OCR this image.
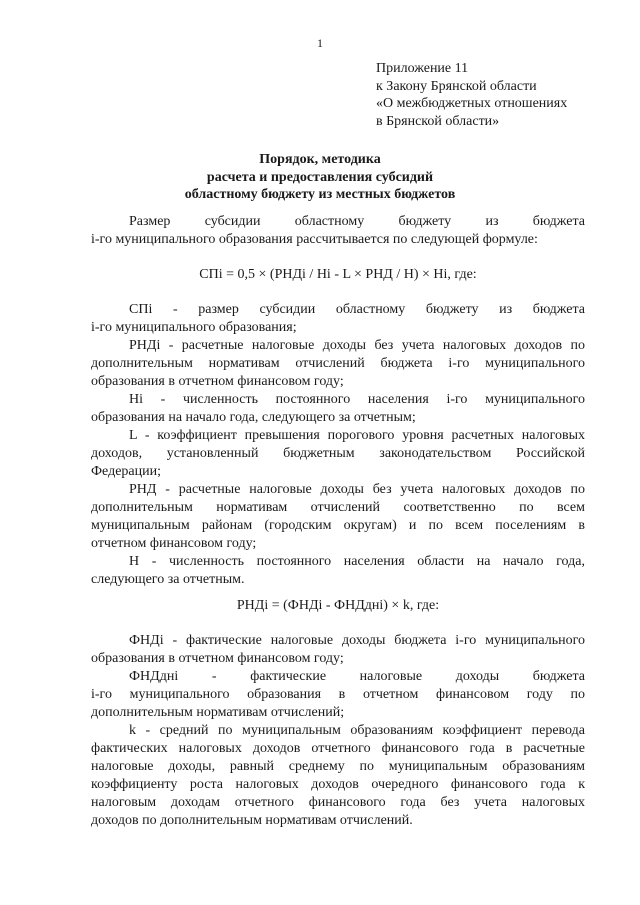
1
Приложение 11
к Закону Брянской области
«О межбюджетных отношениях
в Брянской области»
Порядок, методика
расчета и предоставления субсидий
областному бюджету из местных бюджетов
Размер субсидии областному бюджету из бюджета
i-го муниципального образования рассчитывается по следующей формуле:
СПi = 0,5 × (РНДi / Hi - L × РНД / Н) × Нi, где:
СПi - размер субсидии областному бюджету из бюджета
i-го муниципального образования;
РНДi - расчетные налоговые доходы без учета налоговых доходов по
дополнительным нормативам отчислений бюджета i-го муниципального
образования в отчетном финансовом году;
Нi - численность постоянного населения i-го муниципального
образования на начало года, следующего за отчетным;
L - коэффициент превышения порогового уровня расчетных налоговых
доходов, установленный бюджетным законодательством Российской
Федерации;
РНД - расчетные налоговые доходы без учета налоговых доходов по
дополнительным нормативам отчислений соответственно по всем
муниципальным районам (городским округам) и по всем поселениям в
отчетном финансовом году;
Н - численность постоянного населения области на начало года,
следующего за отчетным.
РНДi = (ФНДi - ФНДднi) × k, где:
ФНДi - фактические налоговые доходы бюджета i-го муниципального
образования в отчетном финансовом году;
ФНДднi - фактические налоговые доходы бюджета
i-го муниципального образования в отчетном финансовом году по
дополнительным нормативам отчислений;
k - средний по муниципальным образованиям коэффициент перевода
фактических налоговых доходов отчетного финансового года в расчетные
налоговые доходы, равный среднему по муниципальным образованиям
коэффициенту роста налоговых доходов очередного финансового года к
налоговым доходам отчетного финансового года без учета налоговых
доходов по дополнительным нормативам отчислений.
